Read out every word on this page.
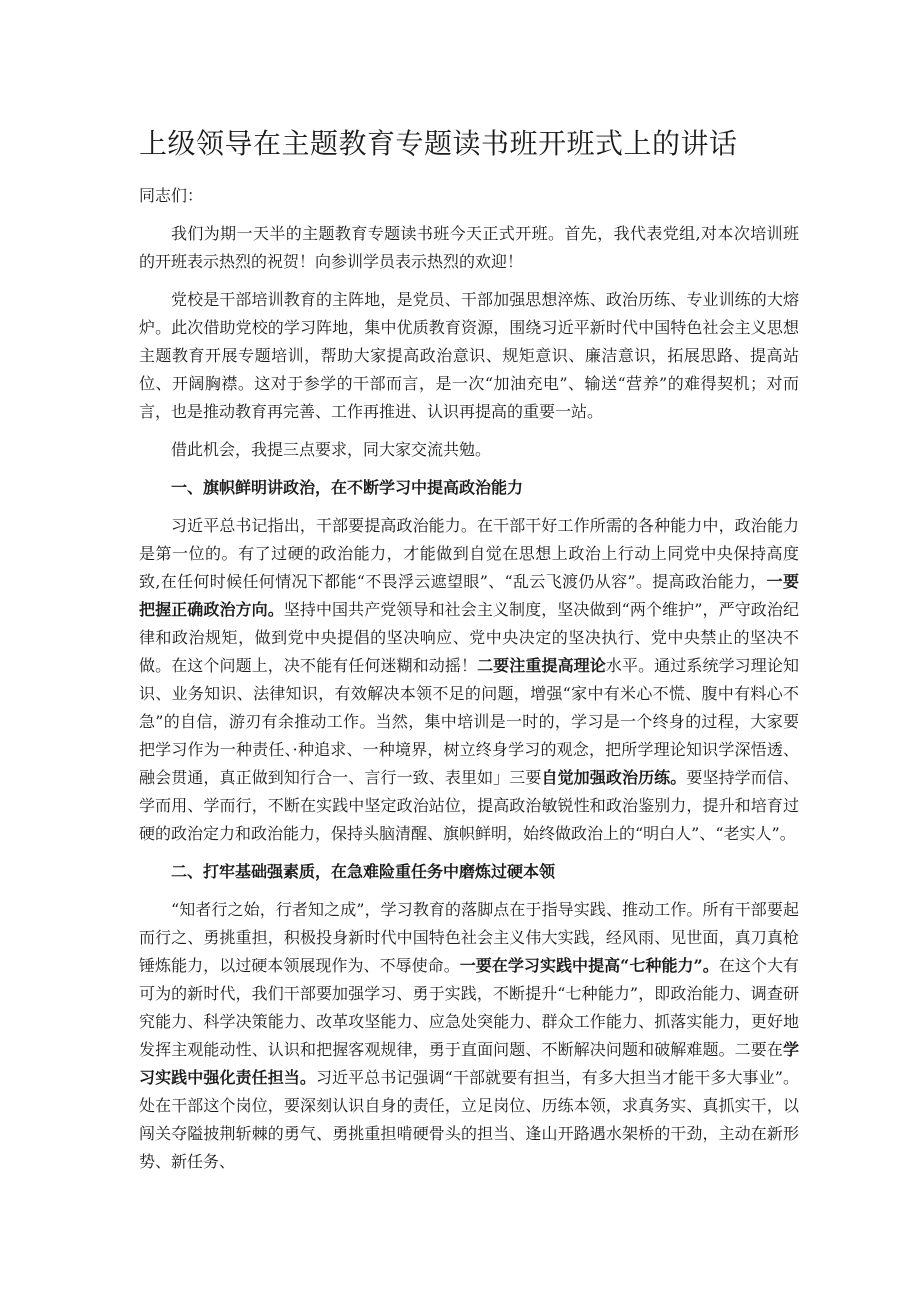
上级领导在主题教育专题读书班开班式上的讲话

同志们：

我们为期一天半的主题教育专题读书班今天正式开班。首先，我代表党组,对本次培训班的开班表示热烈的祝贺！向参训学员表示热烈的欢迎！

党校是干部培训教育的主阵地，是党员、干部加强思想淬炼、政治历练、专业训练的大熔炉。此次借助党校的学习阵地，集中优质教育资源，围绕习近平新时代中国特色社会主义思想主题教育开展专题培训，帮助大家提高政治意识、规矩意识、廉洁意识，拓展思路、提高站位、开阔胸襟。这对于参学的干部而言，是一次“加油充电”、输送“营养”的难得契机；对而言，也是推动教育再完善、工作再推进、认识再提高的重要一站。

借此机会，我提三点要求，同大家交流共勉。

一、旗帜鲜明讲政治，在不断学习中提高政治能力

习近平总书记指出，干部要提高政治能力。在干部干好工作所需的各种能力中，政治能力是第一位的。有了过硬的政治能力，才能做到自觉在思想上政治上行动上同党中央保持高度致,在任何时候任何情况下都能“不畏浮云遮望眼”、“乱云飞渡仍从容”。提高政治能力，一要把握正确政治方向。坚持中国共产党领导和社会主义制度，坚决做到“两个维护”，严守政治纪律和政治规矩，做到党中央提倡的坚决响应、党中央决定的坚决执行、党中央禁止的坚决不做。在这个问题上，决不能有任何迷糊和动摇！二要注重提高理论水平。通过系统学习理论知识、业务知识、法律知识，有效解决本领不足的问题，增强“家中有米心不慌、腹中有料心不急”的自信，游刃有余推动工作。当然，集中培训是一时的，学习是一个终身的过程，大家要把学习作为一种责任、·种追求、一种境界，树立终身学习的观念，把所学理论知识学深悟透、融会贯通，真正做到知行合一、言行一致、表里如」三要自觉加强政治历练。要坚持学而信、学而用、学而行，不断在实践中坚定政治站位，提高政治敏锐性和政治鉴别力，提升和培育过硬的政治定力和政治能力，保持头脑清醒、旗帜鲜明，始终做政治上的“明白人”、“老实人”。

二、打牢基础强素质，在急难险重任务中磨炼过硬本领

“知者行之始，行者知之成”，学习教育的落脚点在于指导实践、推动工作。所有干部要起而行之、勇挑重担，积极投身新时代中国特色社会主义伟大实践，经风雨、见世面，真刀真枪锤炼能力，以过硬本领展现作为、不辱使命。一要在学习实践中提高“七种能力”。在这个大有可为的新时代，我们干部要加强学习、勇于实践，不断提升“七种能力”，即政治能力、调查研究能力、科学决策能力、改革攻坚能力、应急处突能力、群众工作能力、抓落实能力，更好地发挥主观能动性、认识和把握客观规律，勇于直面问题、不断解决问题和破解难题。二要在学习实践中强化责任担当。习近平总书记强调“干部就要有担当，有多大担当才能干多大事业”。处在干部这个岗位，要深刻认识自身的责任，立足岗位、历练本领，求真务实、真抓实干，以闯关夺隘披荆斩棘的勇气、勇挑重担啃硬骨头的担当、逢山开路遇水架桥的干劲，主动在新形势、新任务、
